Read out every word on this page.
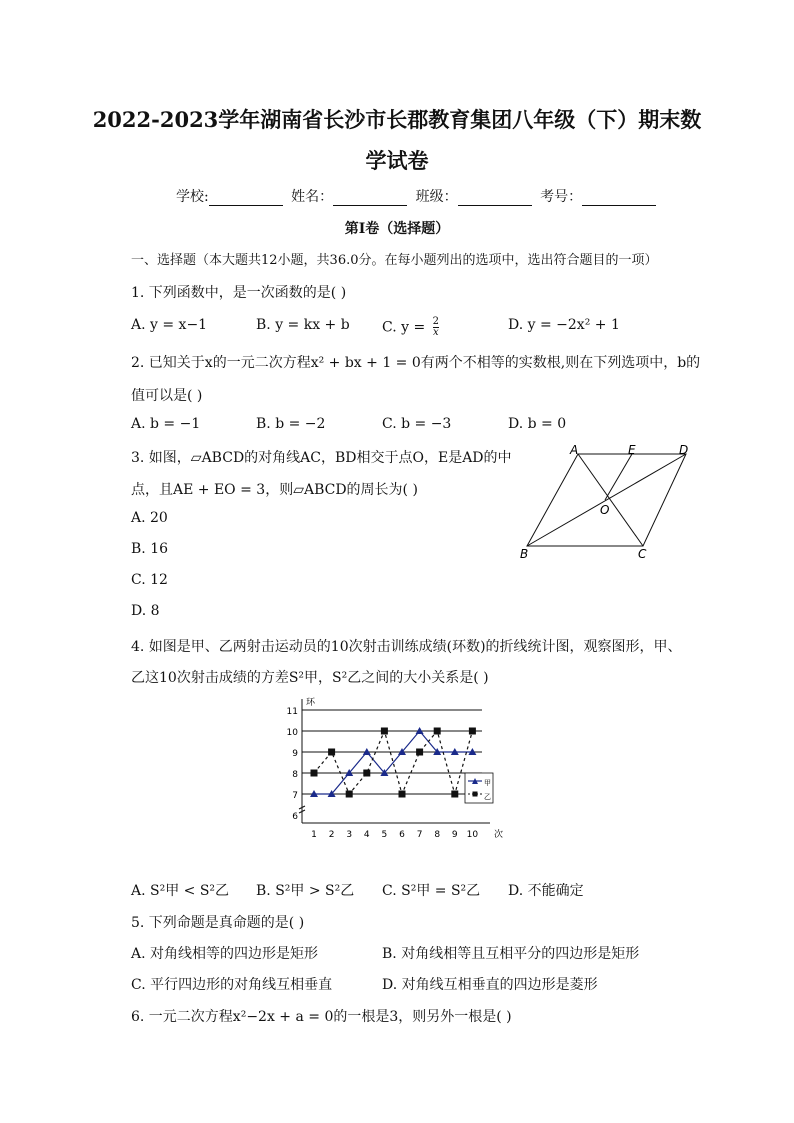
2022-2023学年湖南省长沙市长郡教育集团八年级（下）期末数
学试卷
学校:	姓名：	班级：	考号：
第I卷（选择题）
一、选择题（本大题共12小题，共36.0分。在每小题列出的选项中，选出符合题目的一项）
1. 下列函数中，是一次函数的是( )
A. y = x−1	B. y = kx + b C. $y = \frac{2}{x}$	D. y = −2x² + 1
2. 已知关于x的一元二次方程x² + bx + 1 = 0有两个不相等的实数根,则在下列选项中，b的
值可以是( )
A. b = −1	B. b = −2	C. b = −3	D. b = 0
3. 如图，▱ABCD的对角线AC，BD相交于点O，E是AD的中
点，且AE + EO = 3，则▱ABCD的周长为( )
A. 20
B. 16
C. 12
D. 8
A	E	D
O
B	C
4. 如图是甲、乙两射击运动员的10次射击训练成绩(环数)的折线统计图，观察图形，甲、
乙这10次射击成绩的方差S²甲，S²乙之间的大小关系是( )
6
7
8
9
10
11
环
次
1 2 3 4 5 6 7 8 9 10
甲
乙
A. S²甲 < S²乙 B. S²甲 > S²乙 C. S²甲 = S²乙 D. 不能确定
5. 下列命题是真命题的是( )
A. 对角线相等的四边形是矩形	B. 对角线相等且互相平分的四边形是矩形
C. 平行四边形的对角线互相垂直	D. 对角线互相垂直的四边形是菱形
6. 一元二次方程x²−2x + a = 0的一根是3，则另外一根是( )
